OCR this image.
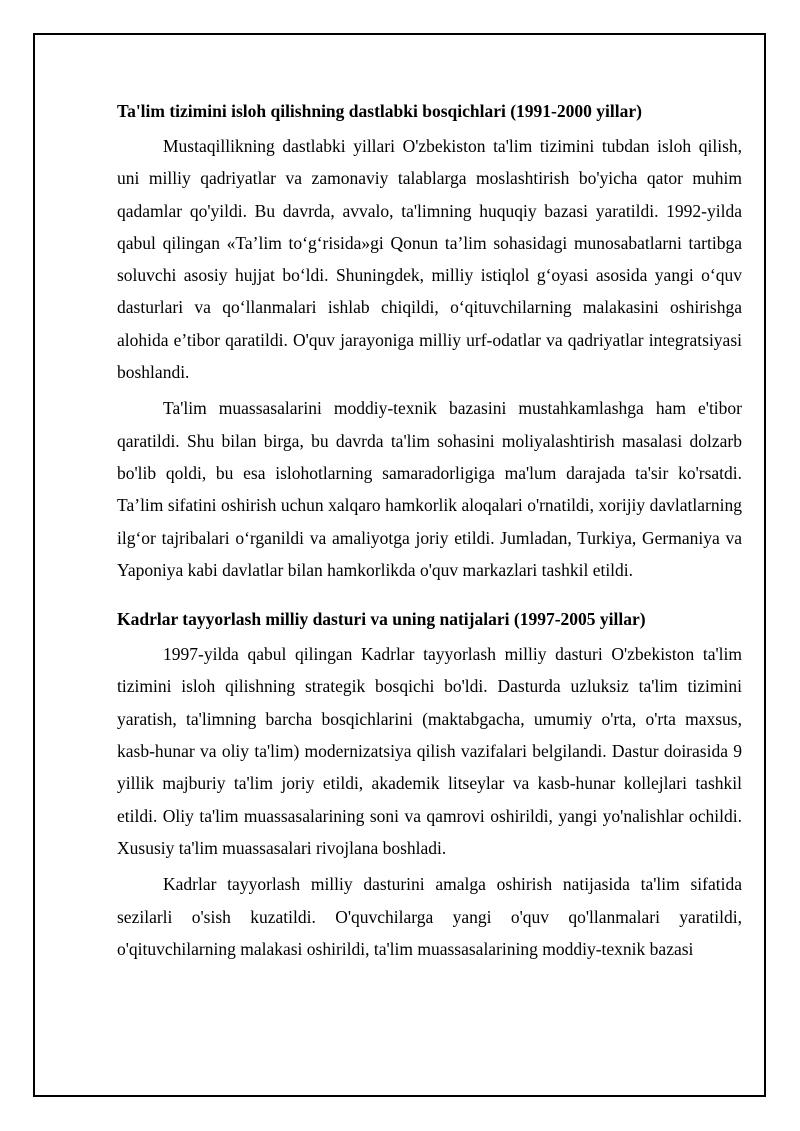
Ta'lim tizimini isloh qilishning dastlabki bosqichlari (1991-2000 yillar)

Mustaqillikning dastlabki yillari O'zbekiston ta'lim tizimini tubdan isloh qilish, uni milliy qadriyatlar va zamonaviy talablarga moslashtirish bo'yicha qator muhim qadamlar qo'yildi. Bu davrda, avvalo, ta'limning huquqiy bazasi yaratildi. 1992-yilda qabul qilingan «Ta’lim to‘g‘risida»gi Qonun ta’lim sohasidagi munosabatlarni tartibga soluvchi asosiy hujjat bo‘ldi. Shuningdek, milliy istiqlol g‘oyasi asosida yangi o‘quv dasturlari va qo‘llanmalari ishlab chiqildi, o‘qituvchilarning malakasini oshirishga alohida e’tibor qaratildi. O'quv jarayoniga milliy urf-odatlar va qadriyatlar integratsiyasi boshlandi.

Ta'lim muassasalarini moddiy-texnik bazasini mustahkamlashga ham e'tibor qaratildi. Shu bilan birga, bu davrda ta'lim sohasini moliyalashtirish masalasi dolzarb bo'lib qoldi, bu esa islohotlarning samaradorligiga ma'lum darajada ta'sir ko'rsatdi. Ta’lim sifatini oshirish uchun xalqaro hamkorlik aloqalari o'rnatildi, xorijiy davlatlarning ilg‘or tajribalari o‘rganildi va amaliyotga joriy etildi. Jumladan, Turkiya, Germaniya va Yaponiya kabi davlatlar bilan hamkorlikda o'quv markazlari tashkil etildi.

Kadrlar tayyorlash milliy dasturi va uning natijalari (1997-2005 yillar)

1997-yilda qabul qilingan Kadrlar tayyorlash milliy dasturi O'zbekiston ta'lim tizimini isloh qilishning strategik bosqichi bo'ldi. Dasturda uzluksiz ta'lim tizimini yaratish, ta'limning barcha bosqichlarini (maktabgacha, umumiy o'rta, o'rta maxsus, kasb-hunar va oliy ta'lim) modernizatsiya qilish vazifalari belgilandi. Dastur doirasida 9 yillik majburiy ta'lim joriy etildi, akademik litseylar va kasb-hunar kollejlari tashkil etildi. Oliy ta'lim muassasalarining soni va qamrovi oshirildi, yangi yo'nalishlar ochildi. Xususiy ta'lim muassasalari rivojlana boshladi.

Kadrlar tayyorlash milliy dasturini amalga oshirish natijasida ta'lim sifatida sezilarli o'sish kuzatildi. O'quvchilarga yangi o'quv qo'llanmalari yaratildi, o'qituvchilarning malakasi oshirildi, ta'lim muassasalarining moddiy-texnik bazasi
